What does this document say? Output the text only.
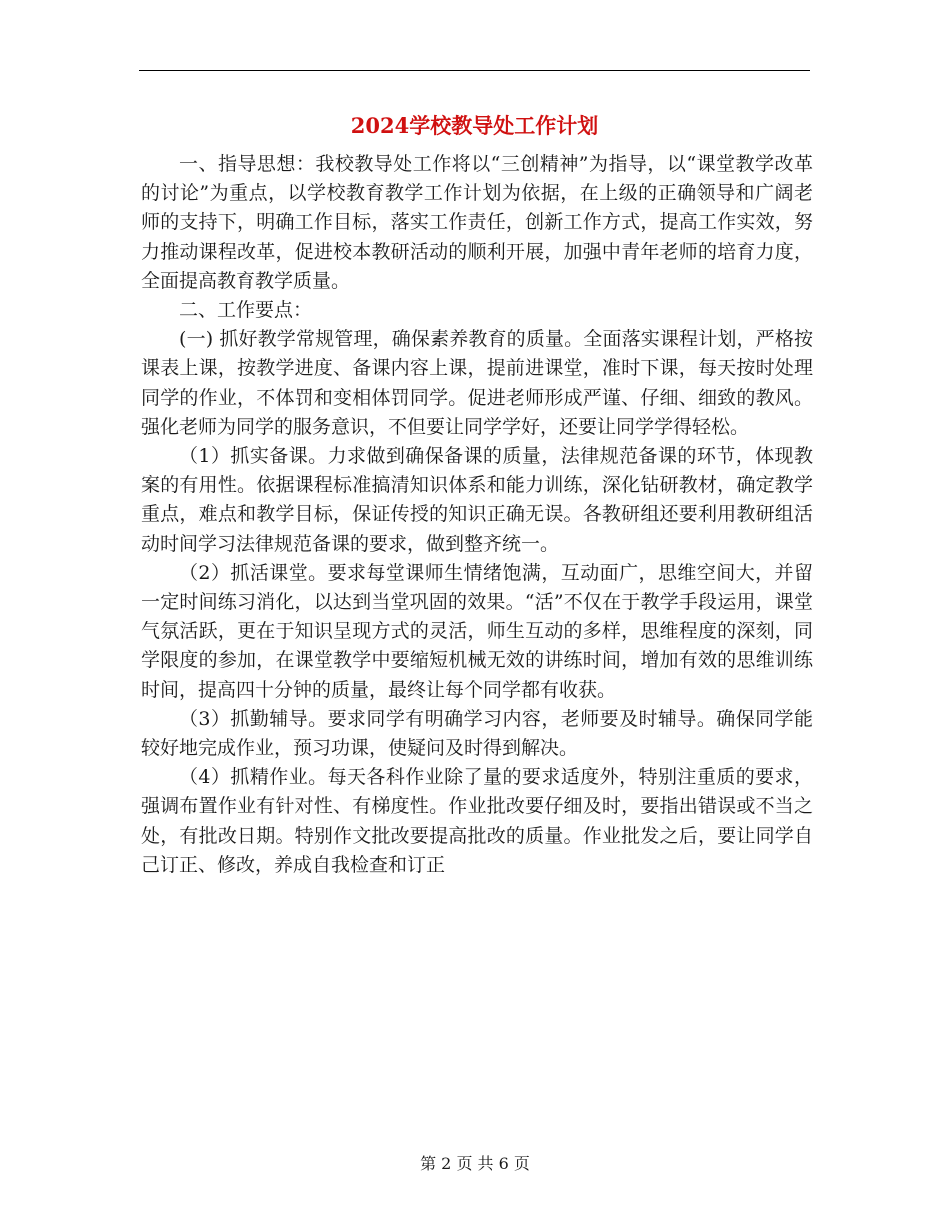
2024学校教导处工作计划

一、指导思想：我校教导处工作将以“三创精神”为指导，以“课堂教学改革的讨论”为重点，以学校教育教学工作计划为依据，在上级的正确领导和广阔老师的支持下，明确工作目标，落实工作责任，创新工作方式，提高工作实效，努力推动课程改革，促进校本教研活动的顺利开展，加强中青年老师的培育力度，全面提高教育教学质量。

二、工作要点：

(一) 抓好教学常规管理，确保素养教育的质量。全面落实课程计划，严格按课表上课，按教学进度、备课内容上课，提前进课堂，准时下课，每天按时处理同学的作业，不体罚和变相体罚同学。促进老师形成严谨、仔细、细致的教风。强化老师为同学的服务意识，不但要让同学学好，还要让同学学得轻松。

（1）抓实备课。力求做到确保备课的质量，法律规范备课的环节，体现教案的有用性。依据课程标准搞清知识体系和能力训练，深化钻研教材，确定教学重点，难点和教学目标，保证传授的知识正确无误。各教研组还要利用教研组活动时间学习法律规范备课的要求，做到整齐统一。

（2）抓活课堂。要求每堂课师生情绪饱满，互动面广，思维空间大，并留一定时间练习消化，以达到当堂巩固的效果。“活”不仅在于教学手段运用，课堂气氛活跃，更在于知识呈现方式的灵活，师生互动的多样，思维程度的深刻，同学限度的参加，在课堂教学中要缩短机械无效的讲练时间，增加有效的思维训练时间，提高四十分钟的质量，最终让每个同学都有收获。

（3）抓勤辅导。要求同学有明确学习内容，老师要及时辅导。确保同学能较好地完成作业，预习功课，使疑问及时得到解决。

（4）抓精作业。每天各科作业除了量的要求适度外，特别注重质的要求，强调布置作业有针对性、有梯度性。作业批改要仔细及时，要指出错误或不当之处，有批改日期。特别作文批改要提高批改的质量。作业批发之后，要让同学自己订正、修改，养成自我检查和订正

第 2 页 共 6 页
